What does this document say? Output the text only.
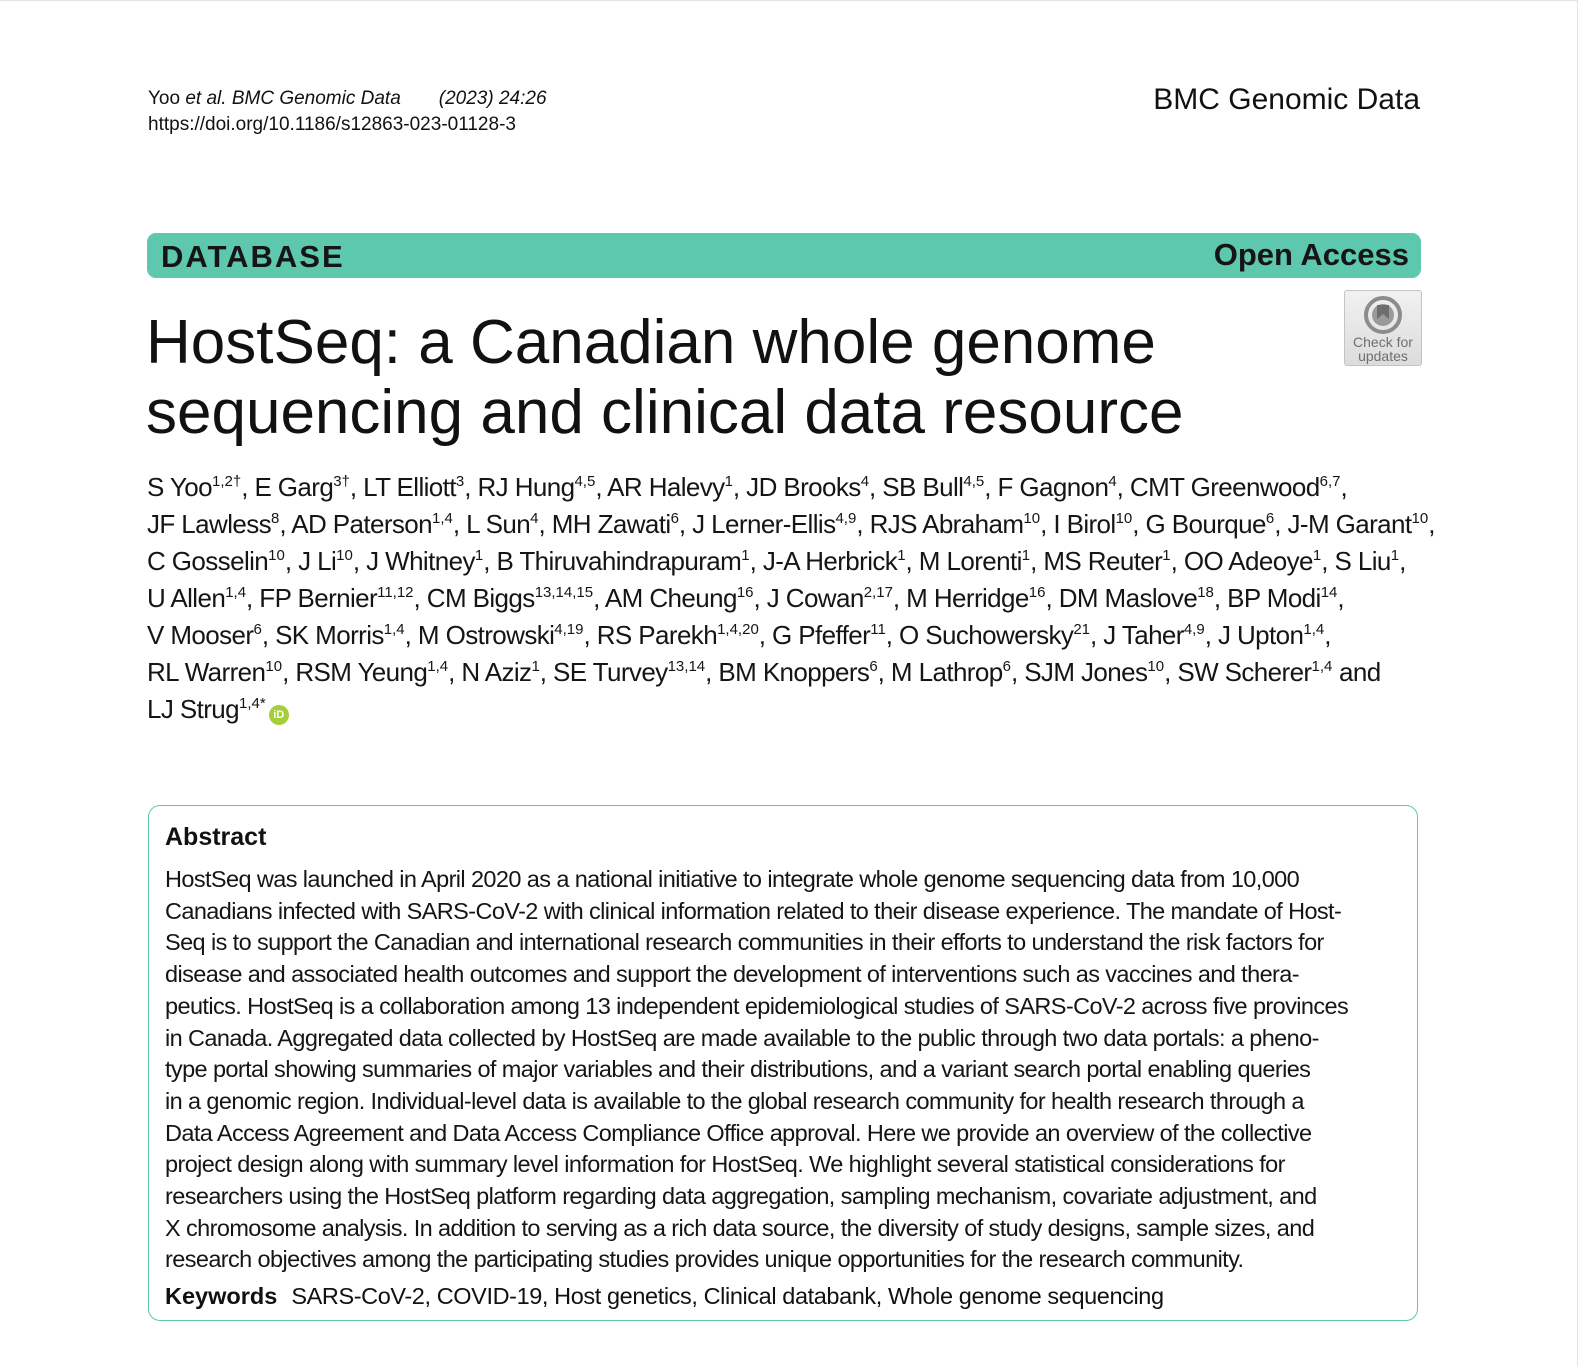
Yoo et al. BMC Genomic Data (2023) 24:26
https://doi.org/10.1186/s12863-023-01128-3
BMC Genomic Data
DATABASE	Open Access
Check for
updates
HostSeq: a Canadian whole genome
sequencing and clinical data resource
S Yoo$^{1,2\dagger}$, E Garg$^{3\dagger}$, LT Elliott$^3$, RJ Hung$^{4,5}$, AR Halevy$^1$, JD Brooks$^4$, SB Bull$^{4,5}$, F Gagnon$^4$, CMT Greenwood$^{6,7}$, JF Lawless$^8$, AD Paterson$^{1,4}$, L Sun$^4$, MH Zawati$^6$, J Lerner-Ellis$^{4,9}$, RJS Abraham$^{10}$, I Birol$^{10}$, G Bourque$^6$, J-M Garant$^{10}$, C Gosselin$^{10}$, J Li$^{10}$, J Whitney$^1$, B Thiruvahindrapuram$^1$, J-A Herbrick$^1$, M Lorenti$^1$, MS Reuter$^1$, OO Adeoye$^1$, S Liu$^1$, U Allen$^{1,4}$, FP Bernier$^{11,12}$, CM Biggs$^{13,14,15}$, AM Cheung$^{16}$, J Cowan$^{2,17}$, M Herridge$^{16}$, DM Maslove$^{18}$, BP Modi$^{14}$, V Mooser$^6$, SK Morris$^{1,4}$, M Ostrowski$^{4,19}$, RS Parekh$^{1,4,20}$, G Pfeffer$^{11}$, O Suchowersky$^{21}$, J Taher$^{4,9}$, J Upton$^{1,4}$, RL Warren$^{10}$, RSM Yeung$^{1,4}$, N Aziz$^1$, SE Turvey$^{13,14}$, BM Knoppers$^6$, M Lathrop$^6$, SJM Jones$^{10}$, SW Scherer$^{1,4}$ and LJ Strug$^{1,4*}$iD
Abstract
HostSeq was launched in April 2020 as a national initiative to integrate whole genome sequencing data from 10,000
Canadians infected with SARS-CoV-2 with clinical information related to their disease experience. The mandate of Host-
Seq is to support the Canadian and international research communities in their efforts to understand the risk factors for
disease and associated health outcomes and support the development of interventions such as vaccines and thera-
peutics. HostSeq is a collaboration among 13 independent epidemiological studies of SARS-CoV-2 across five provinces
in Canada. Aggregated data collected by HostSeq are made available to the public through two data portals: a pheno-
type portal showing summaries of major variables and their distributions, and a variant search portal enabling queries
in a genomic region. Individual-level data is available to the global research community for health research through a
Data Access Agreement and Data Access Compliance Office approval. Here we provide an overview of the collective
project design along with summary level information for HostSeq. We highlight several statistical considerations for
researchers using the HostSeq platform regarding data aggregation, sampling mechanism, covariate adjustment, and
X chromosome analysis. In addition to serving as a rich data source, the diversity of study designs, sample sizes, and
research objectives among the participating studies provides unique opportunities for the research community.
Keywords SARS-CoV-2, COVID-19, Host genetics, Clinical databank, Whole genome sequencing
